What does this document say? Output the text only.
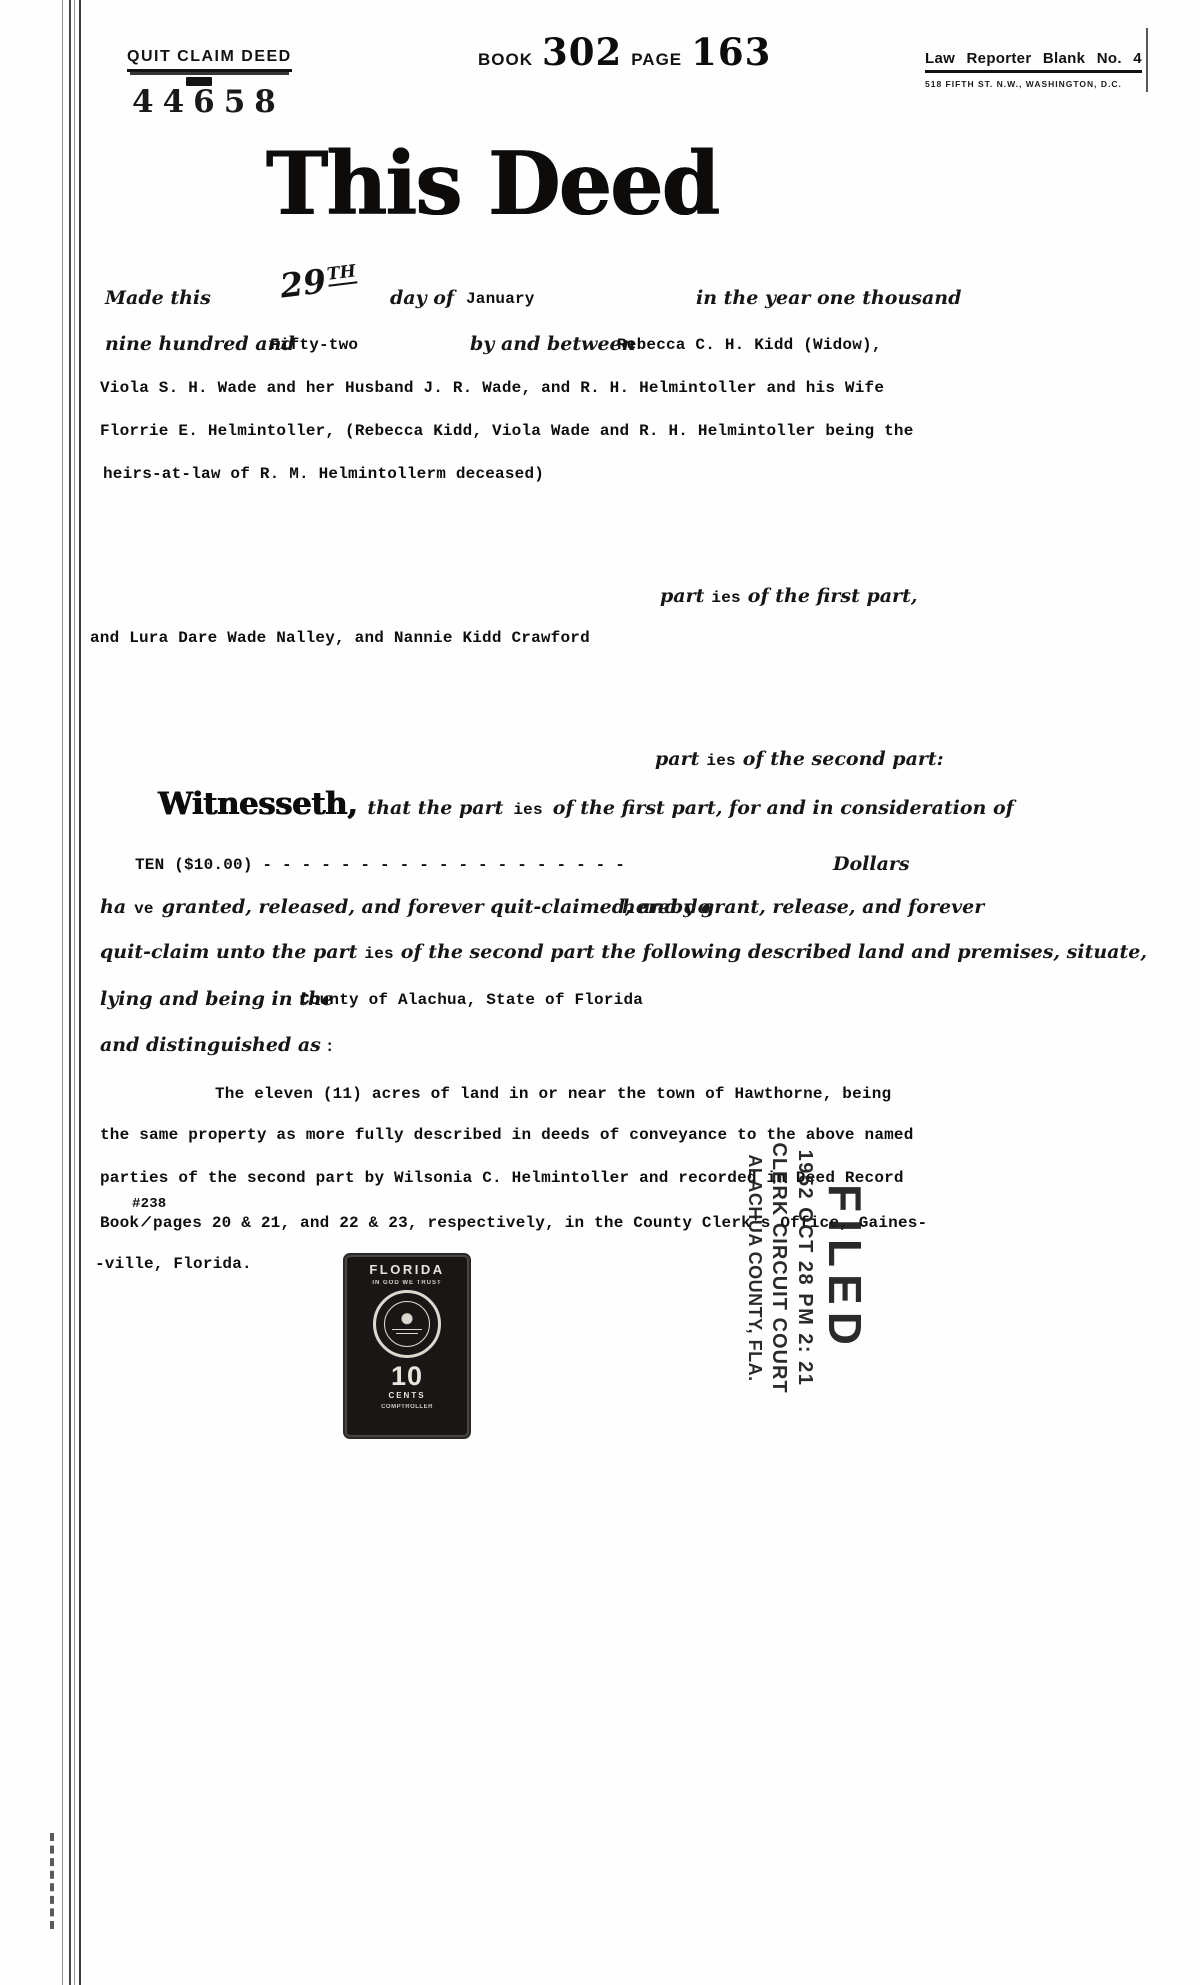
QUIT CLAIM DEED
44658
BOOK 302 PAGE 163	Law Reporter Blank No. 4
518 FIFTH ST. N.W., WASHINGTON, D.C.
This Deed
Made this 29TH
day of January	in the year one thousand
nine hundred and
Fifty-two	by and between
Rebecca C. H. Kidd (Widow),
Viola S. H. Wade and her Husband J. R. Wade, and R. H. Helmintoller and his Wife
Florrie E. Helmintoller, (Rebecca Kidd, Viola Wade and R. H. Helmintoller being the
heirs-at-law of R. M. Helmintollerm deceased)
part ies of the first part,
and Lura Dare Wade Nalley, and Nannie Kidd Crawford
part ies of the second part:
Witnesseth, that the part ies of the first part, for and in consideration of
TEN ($10.00) - - - - - - - - - - - - - - - - - - -	Dollars
ha ve granted, released, and forever quit-claimed, and do
hereby grant, release, and forever
quit-claim unto the part ies of the second part the following described land and premises, situate,
lying and being in the
County of Alachua, State of Florida
and distinguished as :
The eleven (11) acres of land in or near the town of Hawthorne, being
the same property as more fully described in deeds of conveyance to the above named
parties of the second part by Wilsonia C. Helmintoller and recorded in Deed Record
#238
Book / pages 20 & 21, and 22 & 23, respectively, in the County Clerk's Office, Gaines-
-ville, Florida.	FILED
1952 OCT 28 PM 2: 21
CLERK CIRCUIT COURT
ALACHUA COUNTY, FLA.
FLORIDA
IN GOD WE TRUST
10
CENTS
COMPTROLLER
